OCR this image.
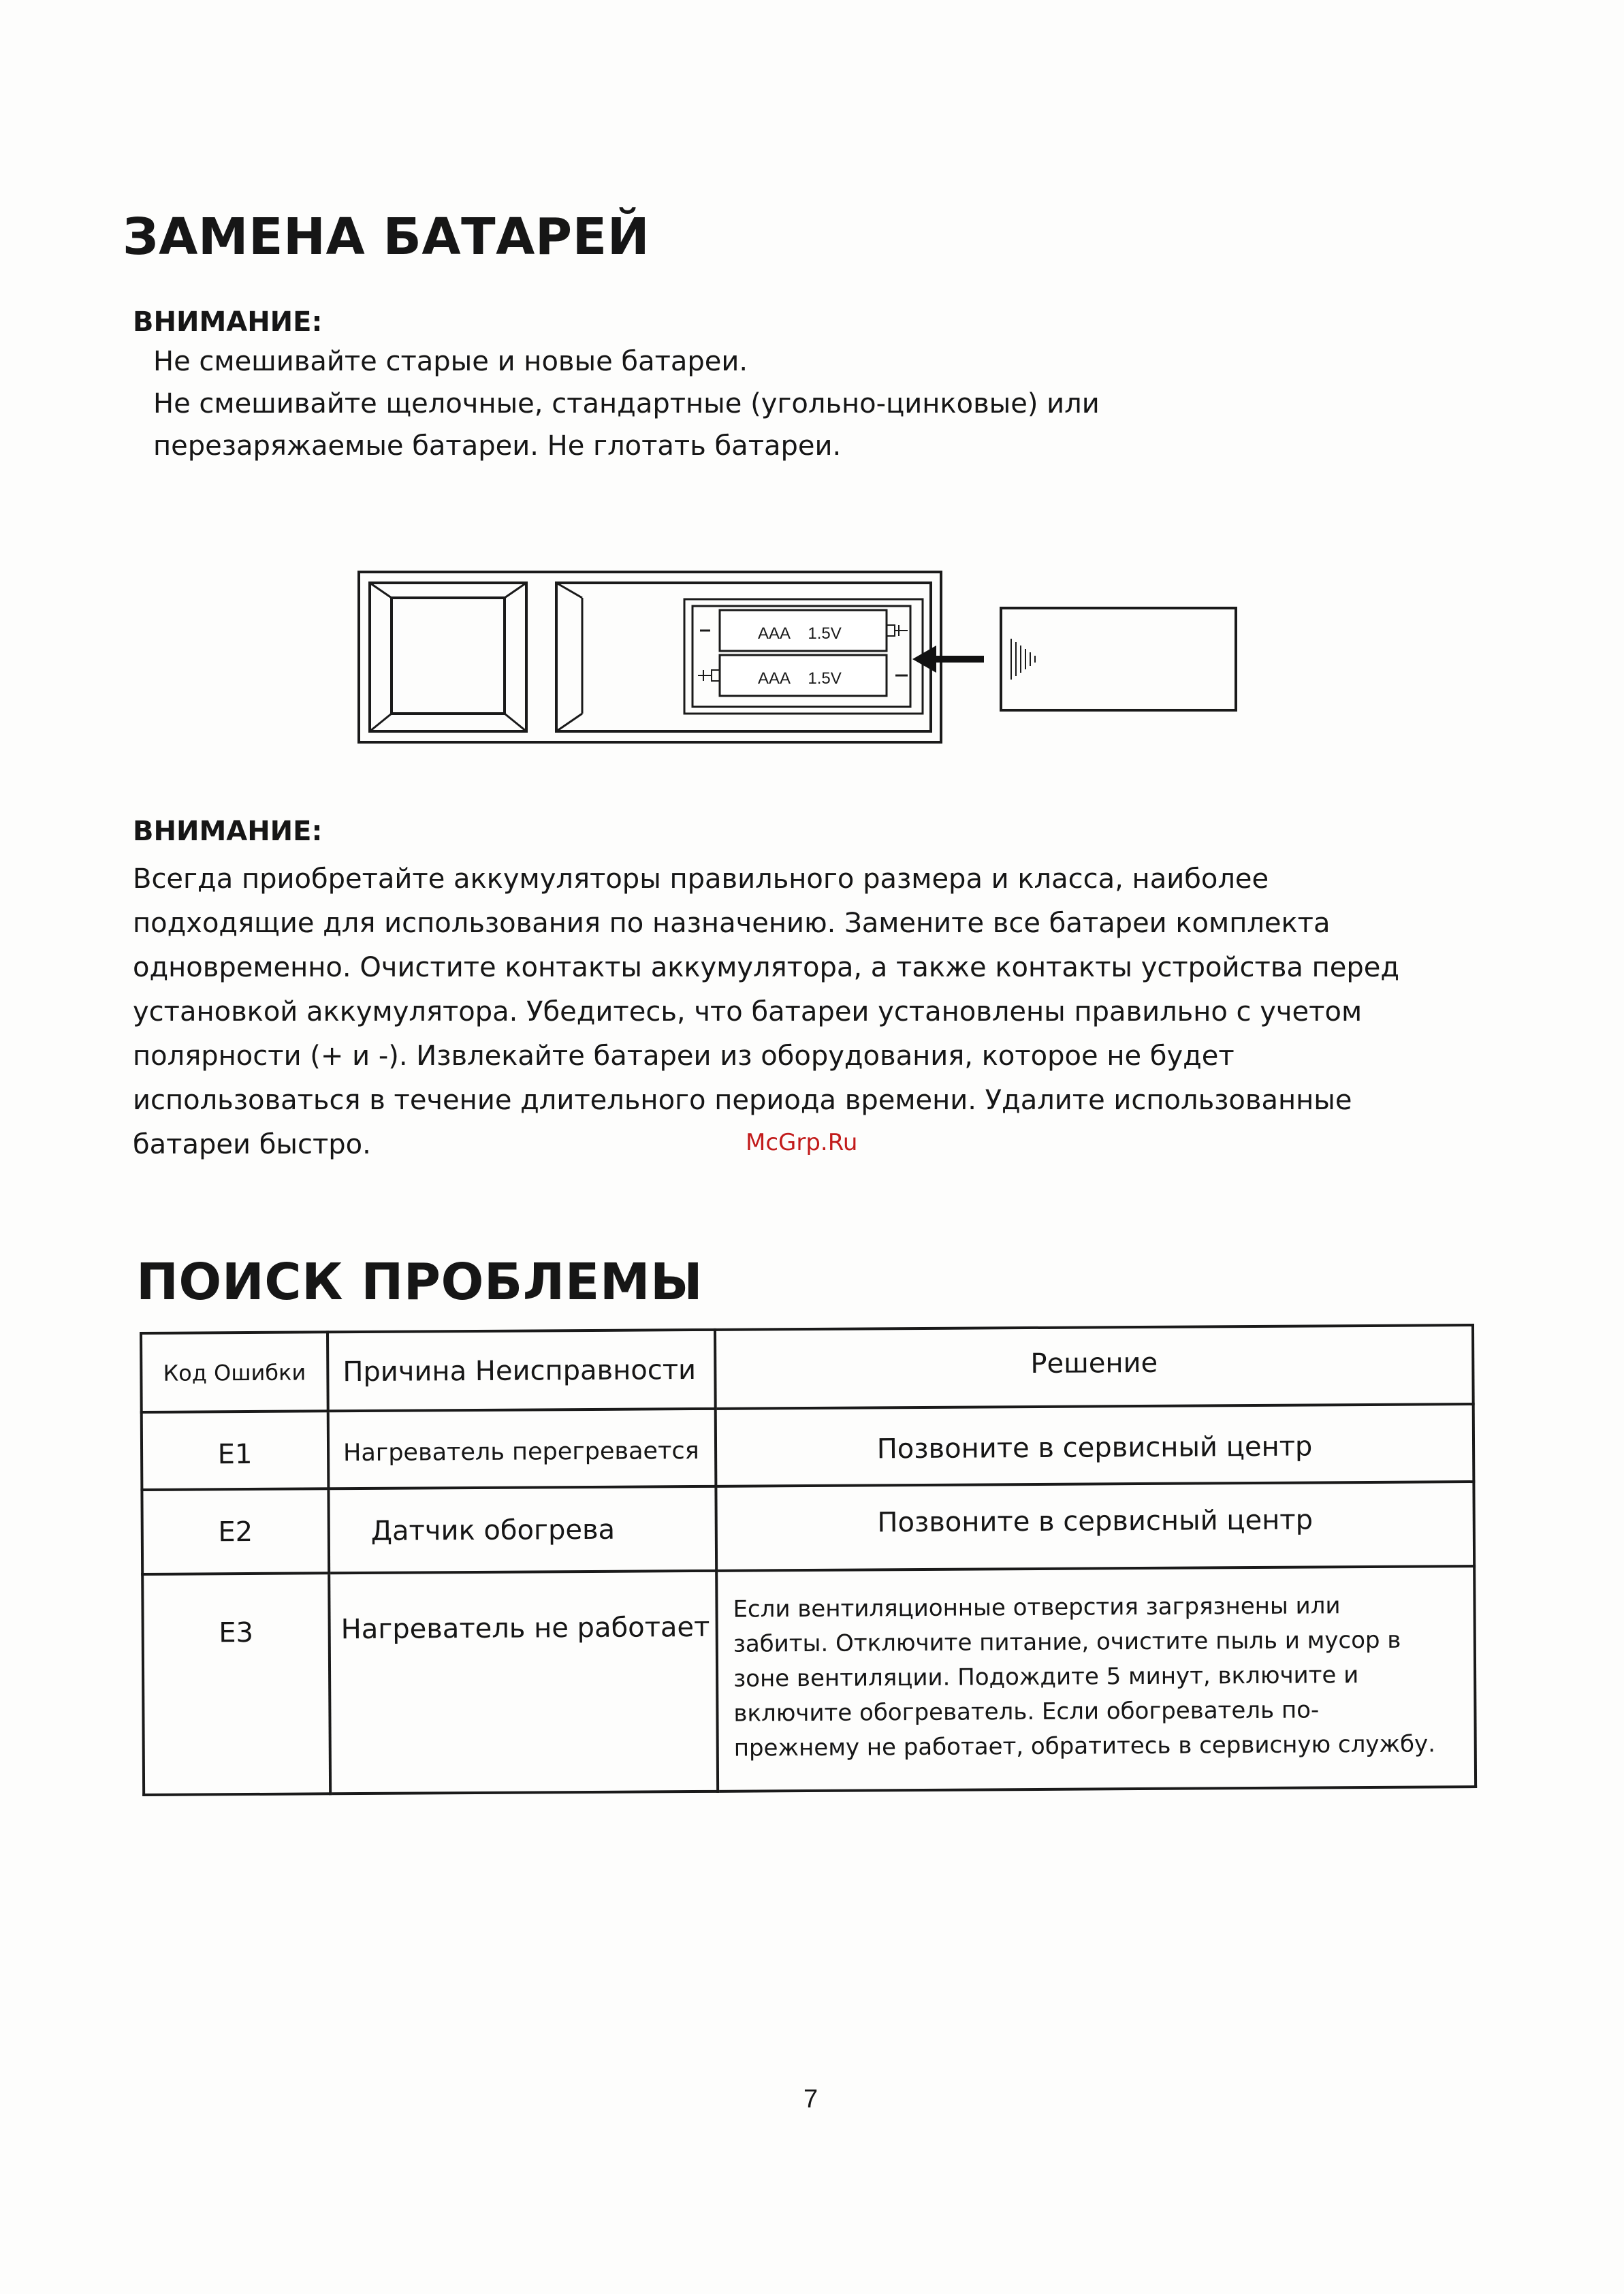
ЗАМЕНА БАТАРЕЙ
ВНИМАНИЕ:
Не смешивайте старые и новые батареи.
Не смешивайте щелочные, стандартные (угольно-цинковые) или
перезаряжаемые батареи. Не глотать батареи.
AAA    1.5V
AAA    1.5V
ВНИМАНИЕ:
Всегда приобретайте аккумуляторы правильного размера и класса, наиболее
подходящие для использования по назначению. Замените все батареи комплекта
одновременно. Очистите контакты аккумулятора, а также контакты устройства перед
установкой аккумулятора. Убедитесь, что батареи установлены правильно с учетом
полярности (+ и -). Извлекайте батареи из оборудования, которое не будет
использоваться в течение длительного периода времени. Удалите использованные
батареи быстро.	McGrp.Ru
ПОИСК ПРОБЛЕМЫ
Код Ошибки	Причина Неисправности	Решение

E1	Нагреватель перегревается	Позвоните в сервисный центр

E2	Датчик обогрева	Позвоните в сервисный центр

E3	Нагреватель не работает	Если вентиляционные отверстия загрязнены или
забиты. Отключите питание, очистите пыль и мусор в
зоне вентиляции. Подождите 5 минут, включите и
включите обогреватель. Если обогреватель по-
прежнему не работает, обратитесь в сервисную службу.
7
